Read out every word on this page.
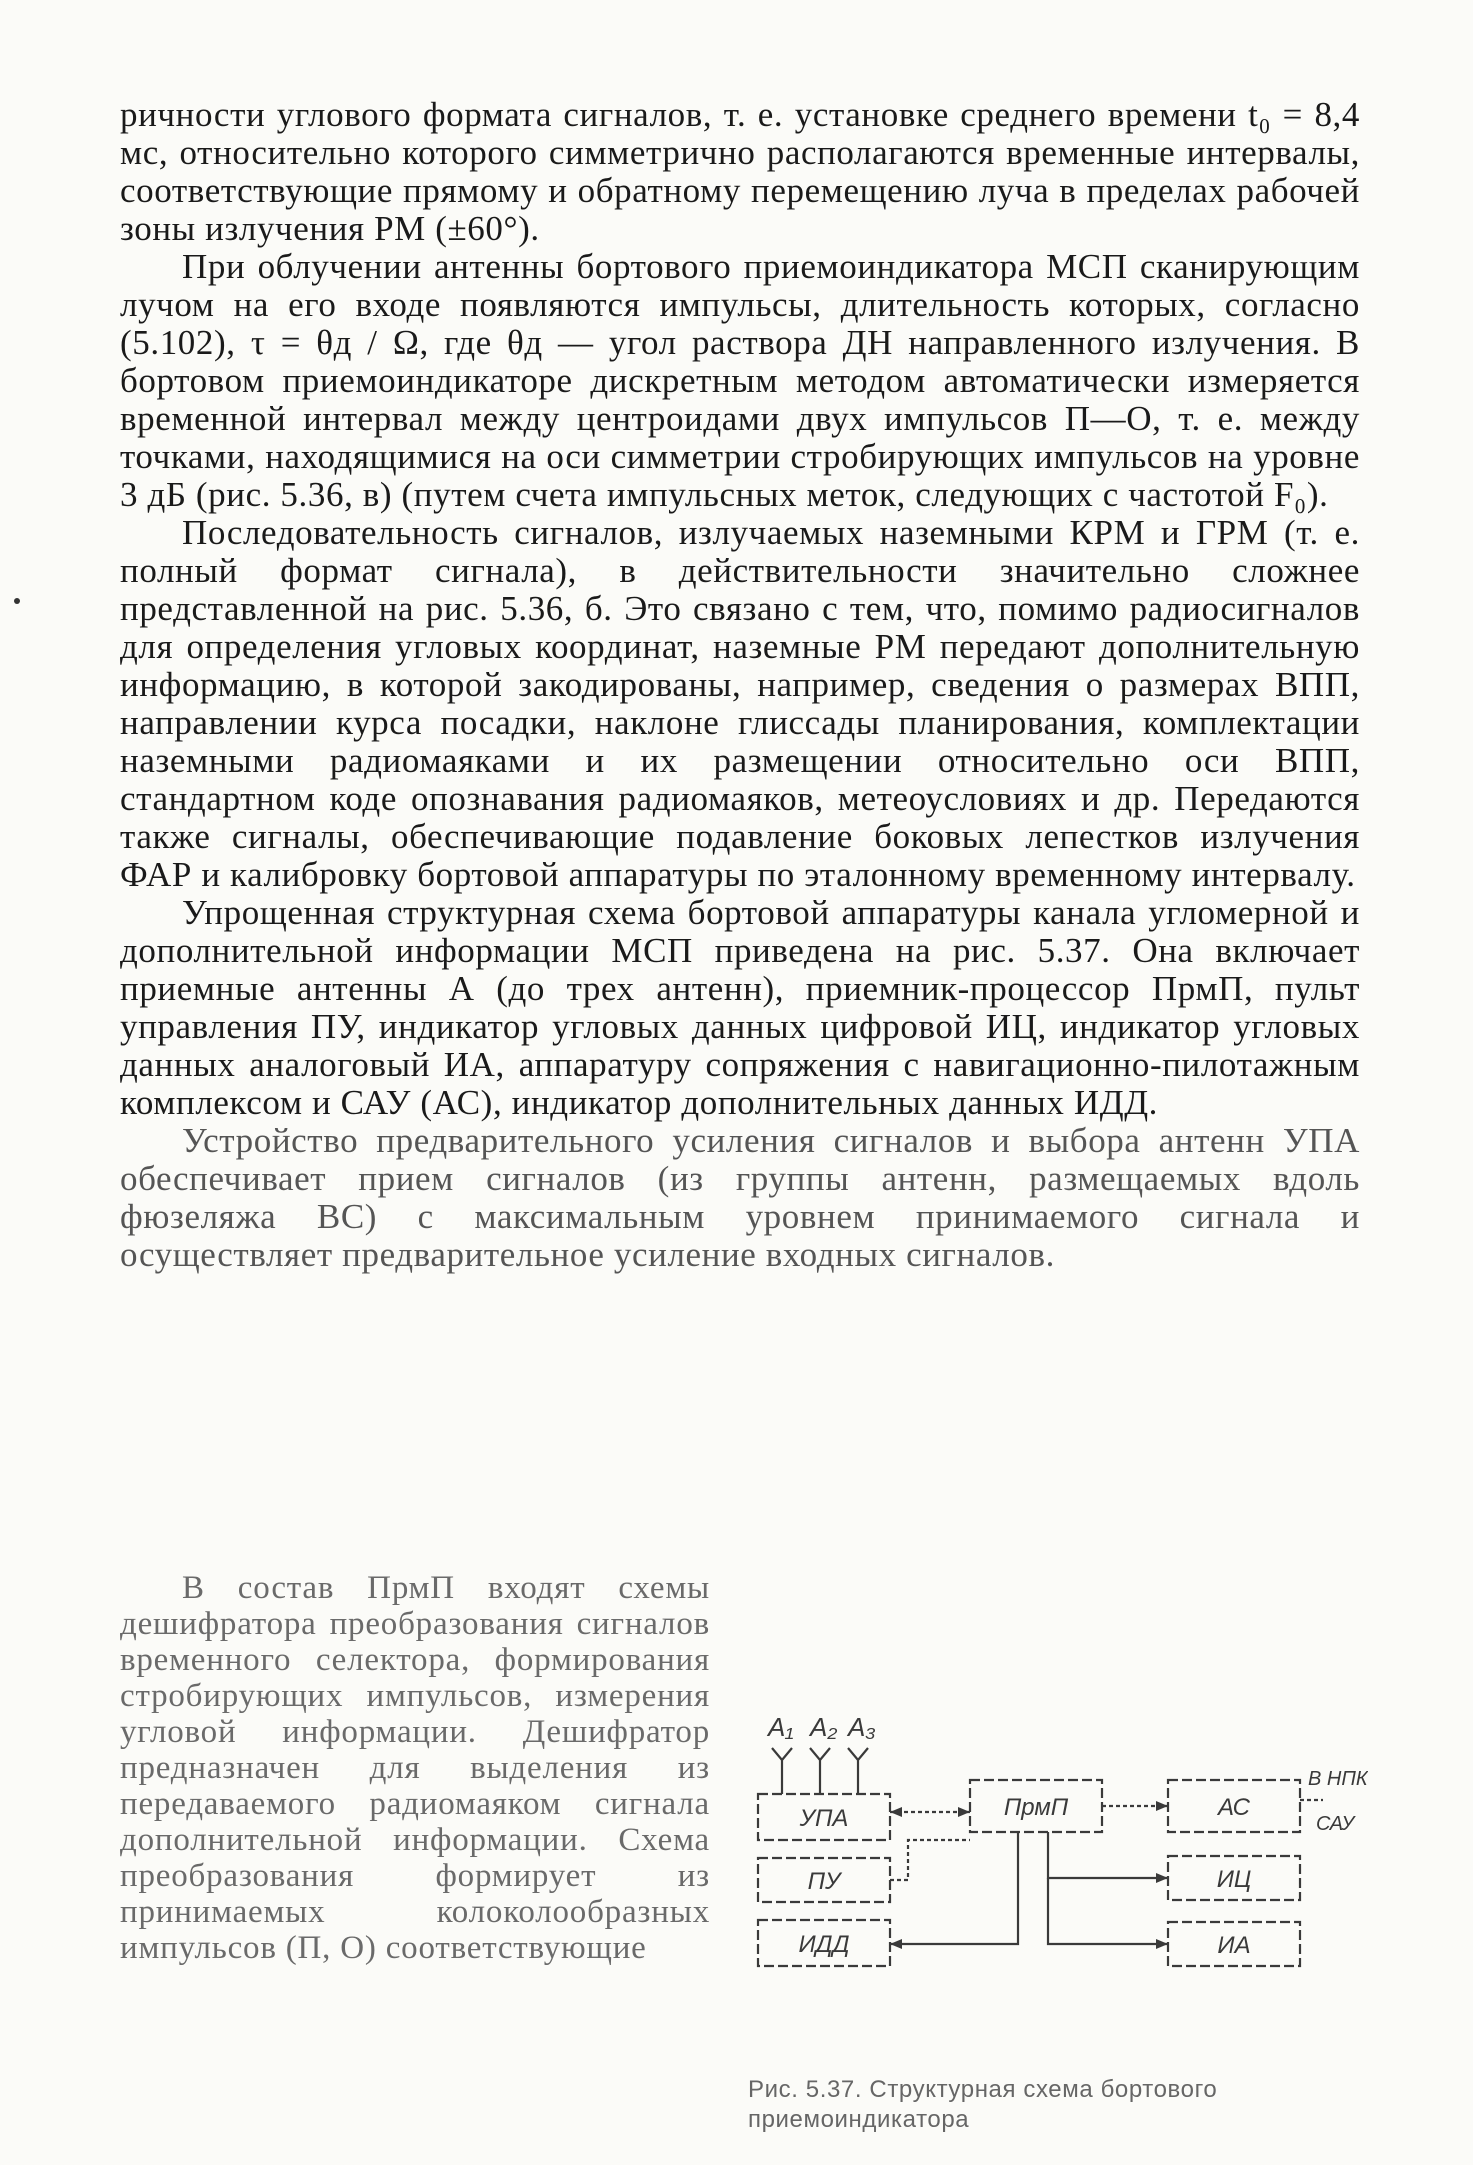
ричности углового формата сигналов, т. е. установке среднего времени t₀ = 8,4 мс, относительно которого симметрично располагаются временные интервалы, соответствующие прямому и обратному перемещению луча в пределах рабочей зоны излучения РМ (±60°).

При облучении антенны бортового приемоиндикатора МСП сканирующим лучом на его входе появляются импульсы, длительность которых, согласно (5.102), τ = θд / Ω, где θд — угол раствора ДН направленного излучения. В бортовом приемоиндикаторе дискретным методом автоматически измеряется временной интервал между центроидами двух импульсов П—О, т. е. между точками, находящимися на оси симметрии стробирующих импульсов на уровне 3 дБ (рис. 5.36, в) (путем счета импульсных меток, следующих с частотой F₀).

Последовательность сигналов, излучаемых наземными КРМ и ГРМ (т. е. полный формат сигнала), в действительности значительно сложнее представленной на рис. 5.36, б. Это связано с тем, что, помимо радиосигналов для определения угловых координат, наземные РМ передают дополнительную информацию, в которой закодированы, например, сведения о размерах ВПП, направлении курса посадки, наклоне глиссады планирования, комплектации наземными радиомаяками и их размещении относительно оси ВПП, стандартном коде опознавания радиомаяков, метеоусловиях и др. Передаются также сигналы, обеспечивающие подавление боковых лепестков излучения ФАР и калибровку бортовой аппаратуры по эталонному временному интервалу.

Упрощенная структурная схема бортовой аппаратуры канала угломерной и дополнительной информации МСП приведена на рис. 5.37. Она включает приемные антенны А (до трех антенн), приемник-процессор ПрмП, пульт управления ПУ, индикатор угловых данных цифровой ИЦ, индикатор угловых данных аналоговый ИА, аппаратуру сопряжения с навигационно-пилотажным комплексом и САУ (АС), индикатор дополнительных данных ИДД.

Устройство предварительного усиления сигналов и выбора антенн УПА обеспечивает прием сигналов (из группы антенн, размещаемых вдоль фюзеляжа ВС) с максимальным уровнем принимаемого сигнала и осуществляет предварительное усиление входных сигналов.

В состав ПрмП входят схемы дешифратора преобразования сигналов временного селектора, формирования стробирующих импульсов, измерения угловой информации. Дешифратор предназначен для выделения из передаваемого радиомаяком сигнала дополнительной информации. Схема преобразования формирует из принимаемых колоколообразных импульсов (П, О) соответствующие
A₁ A₂ A₃
УПА	ПрмП
ПУ
ИДД
АС
ИЦ
ИА
В НПК
САУ
Рис. 5.37. Структурная схема бортового приемоиндикатора
